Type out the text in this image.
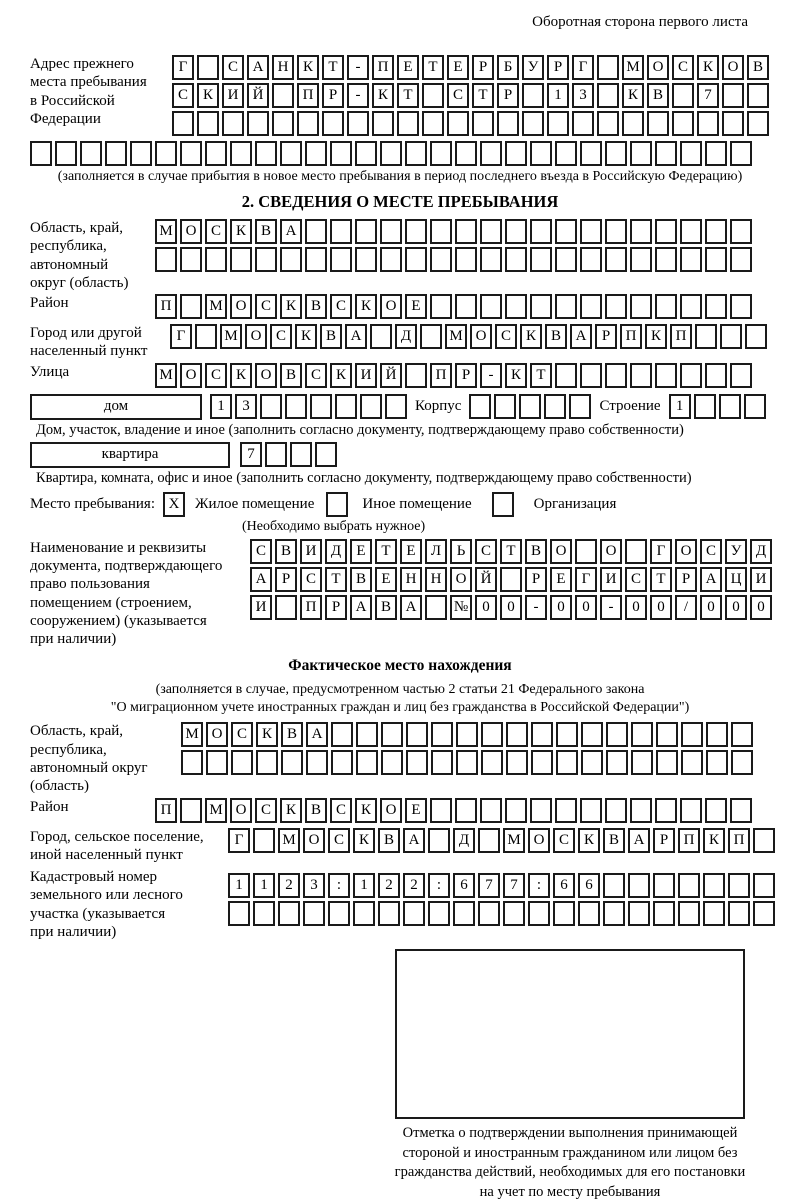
Оборотная сторона первого листа
Адрес прежнего
места пребывания
в Российской
Федерации
Г	С А Н К	Т	-	П Е	Т	Е	Р	Б	У	Р	Г	М О С К О В
С К И Й	П	Р	-	К	Т	С	Т	Р	1	3	К В	7
(заполняется в случае прибытия в новое место пребывания в период последнего въезда в Российскую Федерацию)
2. СВЕДЕНИЯ О МЕСТЕ ПРЕБЫВАНИЯ
Область, край,
республика,
автономный
округ (область)
М О С К В А
Район	П	М О С К В С К О Е
Город или другой
населенный пункт
Г	М О С К В А	Д	М О С К В А	Р	П К П
Улица	М О С К О В С К И Й	П	Р	-	К	Т
дом	1	3	Корпус	Строение	1
Дом, участок, владение и иное (заполнить согласно документу, подтверждающему право собственности)
квартира	7
Квартира, комната, офис и иное (заполнить согласно документу, подтверждающему право собственности)
Место пребывания: X	Жилое помещение	Иное помещение	Организация
(Необходимо выбрать нужное)
Наименование и реквизиты
документа, подтверждающего
право пользования
помещением (строением,
сооружением) (указывается
при наличии)
С В И Д	Е	Т	Е	Л	Ь	С	Т	В О	О	Г	О С У Д
А	Р	С	Т	В	Е	Н Н О Й	Р	Е	Г	И С	Т	Р	А Ц И
И	П	Р	А В А	№ 0	0	-	0	0	-	0	0	/	0	0	0
Фактическое место нахождения
(заполняется в случае, предусмотренном частью 2 статьи 21 Федерального закона
"О миграционном учете иностранных граждан и лиц без гражданства в Российской Федерации")
Область, край,
республика,
автономный округ
(область)
М О С К В А
Район	П	М О С К В С К О Е
Город, сельское поселение,
иной населенный пункт
Г	М О С К В А	Д	М О С К В А	Р	П К П
Кадастровый номер
земельного или лесного
участка (указывается
при наличии)
1	1	2	3	:	1	2	2	:	6	7	7	:	6	6
Отметка о подтверждении выполнения принимающей
стороной и иностранным гражданином или лицом без
гражданства действий, необходимых для его постановки
на учет по месту пребывания
